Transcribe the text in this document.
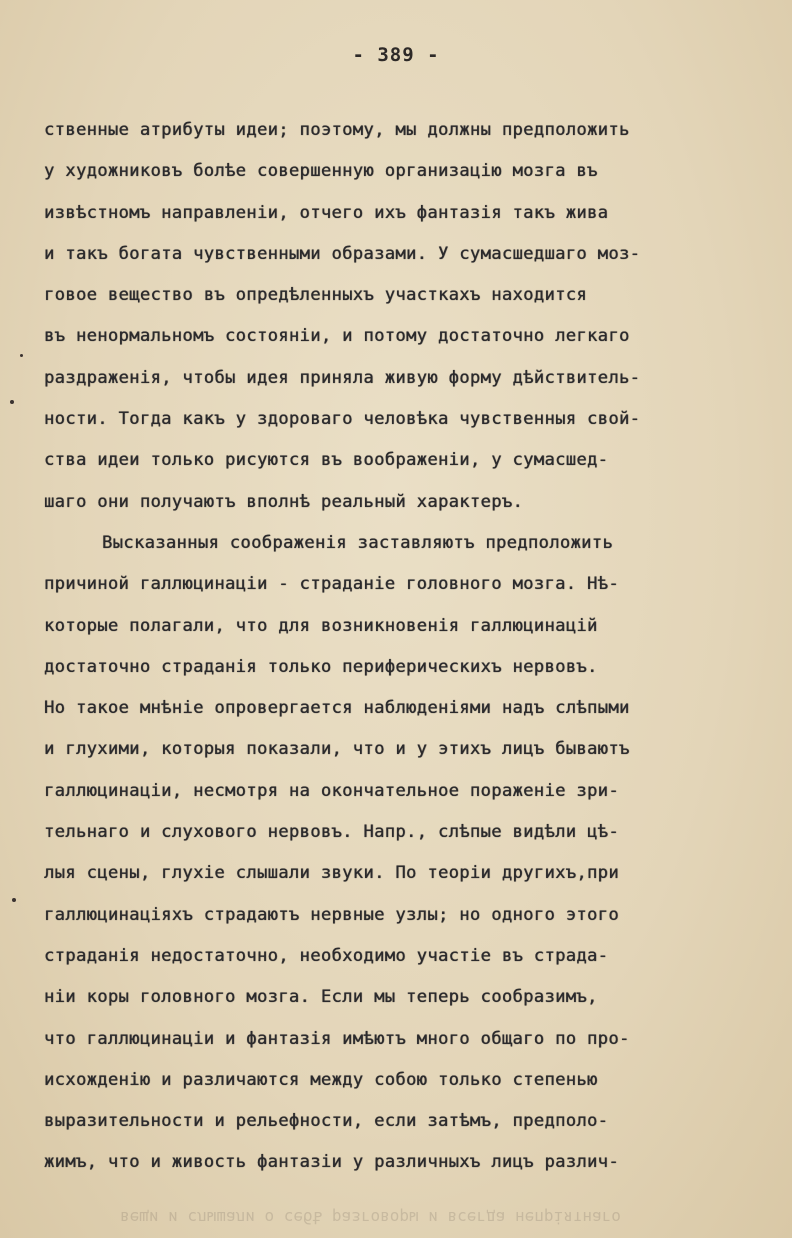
- 389 -
ственные атрибуты идеи; поэтому, мы должны предположить
у художниковъ болѣе совершенную организацію мозга въ
извѣстномъ направленіи, отчего ихъ фантазія такъ жива
и такъ богата чувственными образами. У сумасшедшаго моз-
говое вещество въ опредѣленныхъ участкахъ находится
въ ненормальномъ состояніи, и потому достаточно легкаго
раздраженія, чтобы идея приняла живую форму дѣйствитель-
ности. Тогда какъ у здороваго человѣка чувственныя свой-
ства идеи только рисуются въ воображеніи, у сумасшед-
шаго они получаютъ вполнѣ реальный характеръ.
Высказанныя соображенія заставляютъ предположить
причиной галлюцинаціи - страданіе головного мозга. Нѣ-
которые полагали, что для возникновенія галлюцинацій
достаточно страданія только периферическихъ нервовъ.
Но такое мнѣніе опровергается наблюденіями надъ слѣпыми
и глухими, которыя показали, что и у этихъ лицъ бываютъ
галлюцинаціи, несмотря на окончательное пораженіе зри-
тельнаго и слухового нервовъ. Напр., слѣпые видѣли цѣ-
лыя сцены, глухіе слышали звуки. По теоріи другихъ,при
галлюцинаціяхъ страдаютъ нервные узлы; но одного этого
страданія недостаточно, необходимо участіе въ страда-
ніи коры головного мозга. Если мы теперь сообразимъ,
что галлюцинаціи и фантазія имѣютъ много общаго по про-
исхожденію и различаются между собою только степенью
выразительности и рельефности, если затѣмъ, предполо-
жимъ, что и живость фантазіи у различныхъ лицъ различ-
вещи и слышали о себѣ разговоры и всегда непріятнаго
